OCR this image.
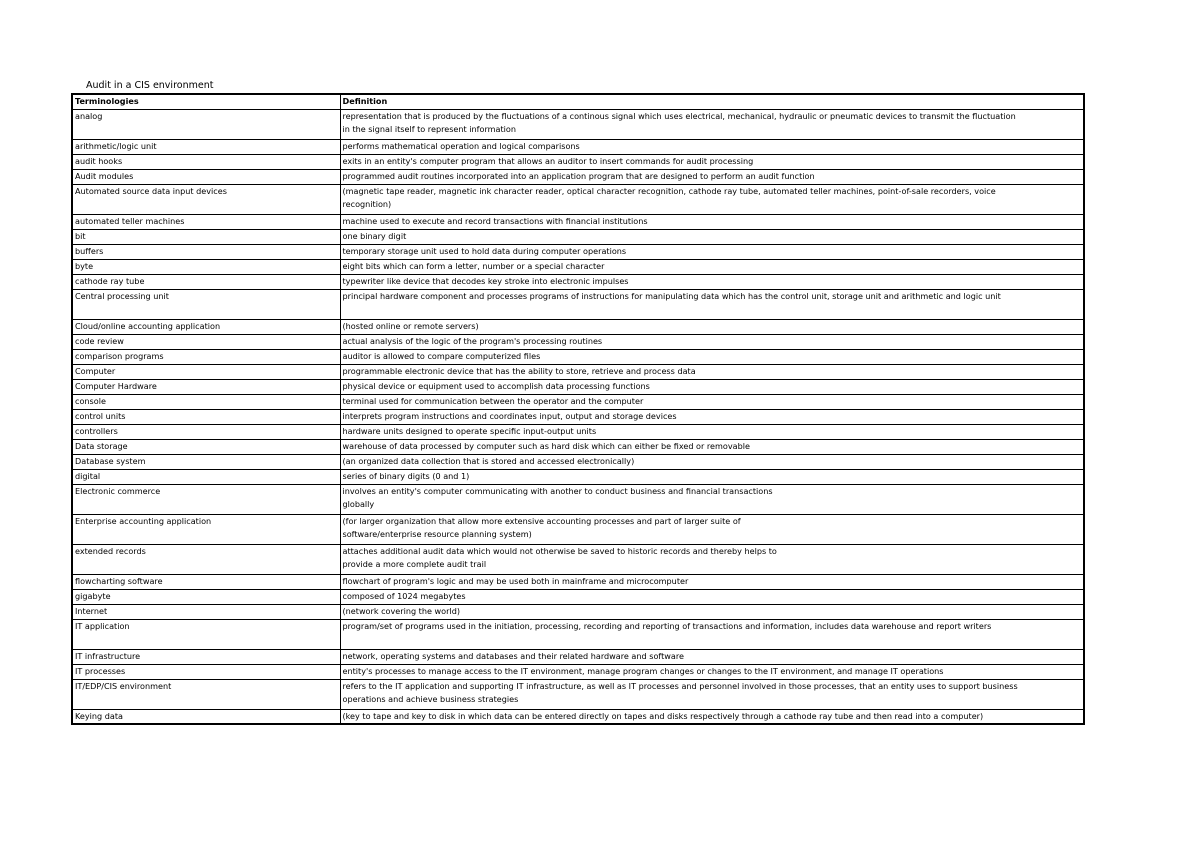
Audit in a CIS environment
Terminologies	Definition
analog	representation that is produced by the fluctuations of a continous signal which uses electrical, mechanical, hydraulic or pneumatic devices to transmit the fluctuation
in the signal itself to represent information

arithmetic/logic unit	performs mathematical operation and logical comparisons

audit hooks	exits in an entity's computer program that allows an auditor to insert commands for audit processing

Audit modules	programmed audit routines incorporated into an application program that are designed to perform an audit function

Automated source data input devices	(magnetic tape reader, magnetic ink character reader, optical character recognition, cathode ray tube, automated teller machines, point-of-sale recorders, voice
recognition)

automated teller machines	machine used to execute and record transactions with financial institutions

bit	one binary digit

buffers	temporary storage unit used to hold data during computer operations

byte	eight bits which can form a letter, number or a special character

cathode ray tube	typewriter like device that decodes key stroke into electronic impulses

Central processing unit	principal hardware component and processes programs of instructions for manipulating data which has the control unit, storage unit and arithmetic and logic unit

Cloud/online accounting application	(hosted online or remote servers)

code review	actual analysis of the logic of the program's processing routines

comparison programs	auditor is allowed to compare computerized files

Computer	programmable electronic device that has the ability to store, retrieve and process data

Computer Hardware	physical device or equipment used to accomplish data processing functions

console	terminal used for communication between the operator and the computer

control units	interprets program instructions and coordinates input, output and storage devices

controllers	hardware units designed to operate specific input-output units

Data storage	warehouse of data processed by computer such as hard disk which can either be fixed or removable

Database system	(an organized data collection that is stored and accessed electronically)

digital	series of binary digits (0 and 1)

Electronic commerce	involves an entity's computer communicating with another to conduct business and financial transactions
globally

Enterprise accounting application	(for larger organization that allow more extensive accounting processes and part of larger suite of
software/enterprise resource planning system)

extended records	attaches additional audit data which would not otherwise be saved to historic records and thereby helps to
provide a more complete audit trail

flowcharting software	flowchart of program's logic and may be used both in mainframe and microcomputer

gigabyte	composed of 1024 megabytes

Internet	(network covering the world)

IT application	program/set of programs used in the initiation, processing, recording and reporting of transactions and information, includes data warehouse and report writers

IT infrastructure	network, operating systems and databases and their related hardware and software

IT processes	entity's processes to manage access to the IT environment, manage program changes or changes to the IT environment, and manage IT operations

IT/EDP/CIS environment	refers to the IT application and supporting IT infrastructure, as well as IT processes and personnel involved in those processes, that an entity uses to support business
operations and achieve business strategies

Keying data	(key to tape and key to disk in which data can be entered directly on tapes and disks respectively through a cathode ray tube and then read into a computer)
